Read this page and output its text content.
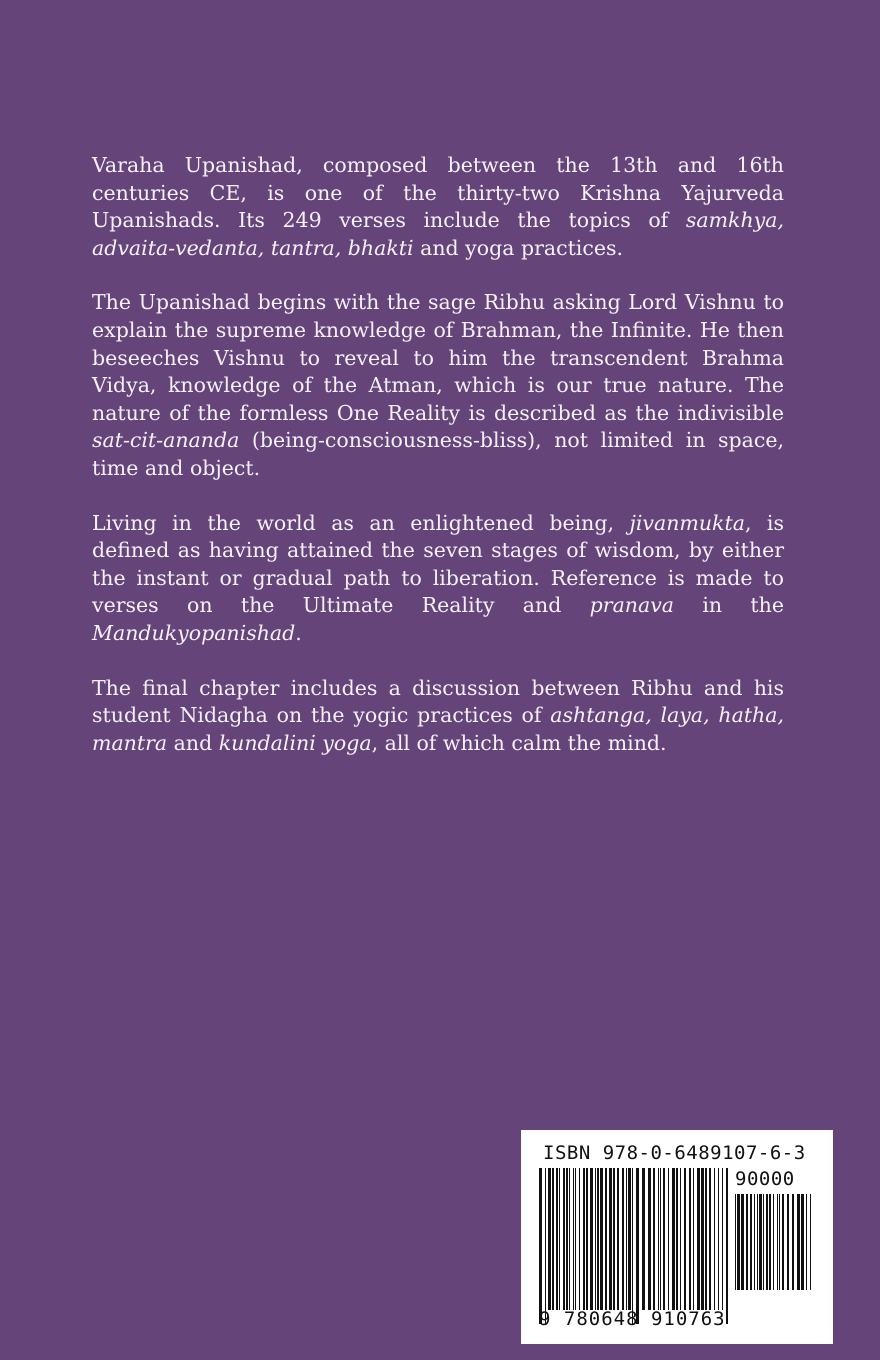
Varaha Upanishad, composed between the 13th and 16th centuries CE, is one of the thirty-two Krishna Yajurveda Upanishads. Its 249 verses include the topics of samkhya, advaita-vedanta, tantra, bhakti and yoga practices.

The Upanishad begins with the sage Ribhu asking Lord Vishnu to explain the supreme knowledge of Brahman, the Infinite. He then beseeches Vishnu to reveal to him the transcendent Brahma Vidya, knowledge of the Atman, which is our true nature. The nature of the formless One Reality is described as the indivisible sat-cit-ananda (being-consciousness-bliss), not limited in space, time and object.

Living in the world as an enlightened being, jivanmukta, is defined as having attained the seven stages of wisdom, by either the instant or gradual path to liberation. Reference is made to verses on the Ultimate Reality and pranava in the Mandukyopanishad.

The final chapter includes a discussion between Ribhu and his student Nidagha on the yogic practices of ashtanga, laya, hatha, mantra and kundalini yoga, all of which calm the mind.

ISBN 978-0-6489107-6-3
90000
9 780648 910763
